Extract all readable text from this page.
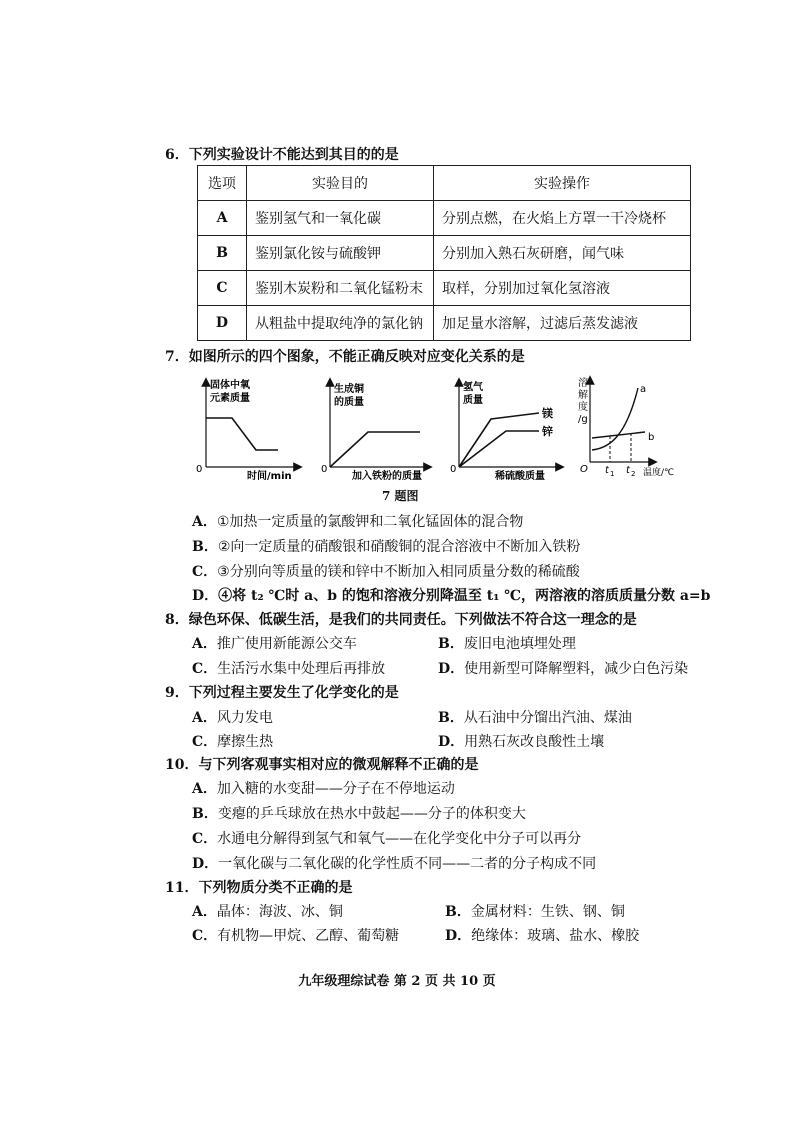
6．下列实验设计不能达到其目的的是
选项	实验目的	实验操作
A	鉴别氢气和一氧化碳	分别点燃，在火焰上方罩一干冷烧杯
B	鉴别氯化铵与硫酸钾	分别加入熟石灰研磨，闻气味
C	鉴别木炭粉和二氧化锰粉末	取样，分别加过氧化氢溶液
D	从粗盐中提取纯净的氯化钠	加足量水溶解，过滤后蒸发滤液
7．如图所示的四个图象，不能正确反映对应变化关系的是
固体中氧
元素质量
0
时间/min
生成铜
的质量
0
加入铁粉的质量
氢气
质量
镁
锌
0
稀硫酸质量
溶
解
度
/g
a
b
O t 1 t 2 温度/℃
7 题图
A．①加热一定质量的氯酸钾和二氧化锰固体的混合物
B．②向一定质量的硝酸银和硝酸铜的混合溶液中不断加入铁粉
C．③分别向等质量的镁和锌中不断加入相同质量分数的稀硫酸
D．④将 t₂ ℃时 a、b 的饱和溶液分别降温至 t₁ ℃，两溶液的溶质质量分数 a=b
8．绿色环保、低碳生活，是我们的共同责任。下列做法不符合这一理念的是
A．推广使用新能源公交车	B．废旧电池填埋处理
C．生活污水集中处理后再排放	D．使用新型可降解塑料，减少白色污染
9．下列过程主要发生了化学变化的是
A．风力发电	B．从石油中分馏出汽油、煤油
C．摩擦生热	D．用熟石灰改良酸性土壤
10．与下列客观事实相对应的微观解释不正确的是
A．加入糖的水变甜——分子在不停地运动
B．变瘪的乒乓球放在热水中鼓起——分子的体积变大
C．水通电分解得到氢气和氧气——在化学变化中分子可以再分
D．一氧化碳与二氧化碳的化学性质不同——二者的分子构成不同
11．下列物质分类不正确的是
A．晶体：海波、冰、铜	B．金属材料：生铁、钢、铜
C．有机物—甲烷、乙醇、葡萄糖	D．绝缘体：玻璃、盐水、橡胶
九年级理综试卷 第 2 页 共 10 页
